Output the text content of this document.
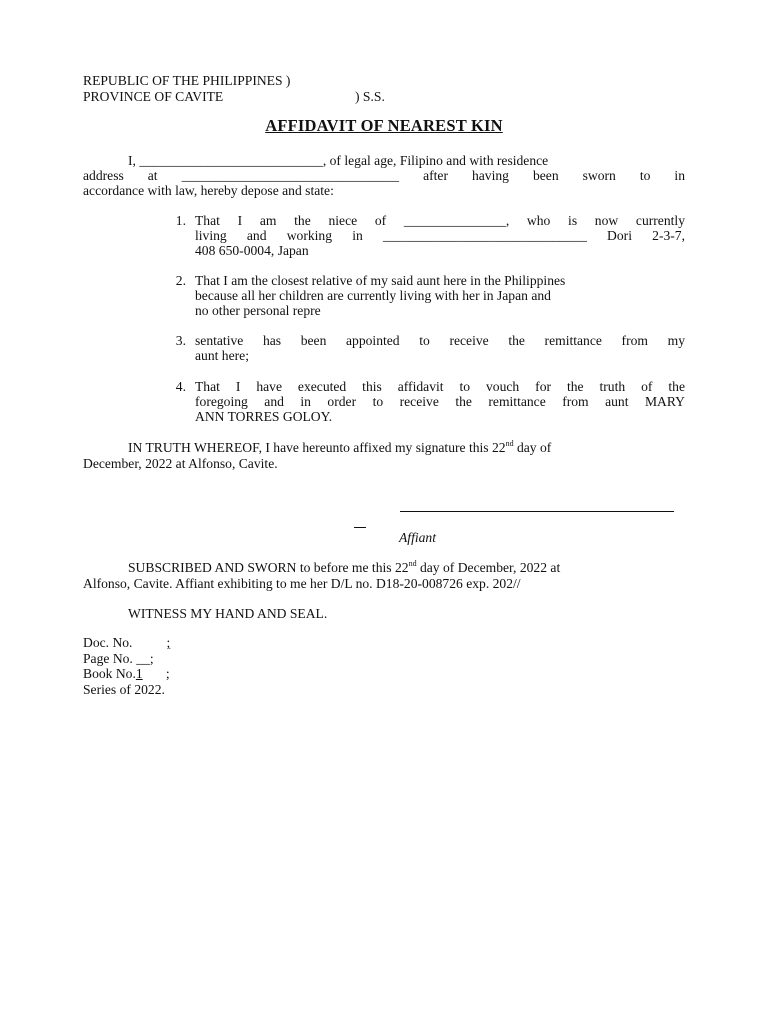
REPUBLIC OF THE PHILIPPINES )
PROVINCE OF CAVITE	) S.S.
AFFIDAVIT OF NEAREST KIN
I, ___________________________, of legal age, Filipino and with residence
address at ________________________________ after having been sworn to in
accordance with law, hereby depose and state:
1. That I am the niece of _______________, who is now currently
living and working in ______________________________ Dori 2-3-7,
408 650-0004, Japan
2. That I am the closest relative of my said aunt here in the Philippines
because all her children are currently living with her in Japan and
no other personal repre
3. sentative has been appointed to receive the remittance from my
aunt here;
4. That I have executed this affidavit to vouch for the truth of the
foregoing and in order to receive the remittance from aunt MARY
ANN TORRES GOLOY.
IN TRUTH WHEREOF, I have hereunto affixed my signature this 22nd day of
December, 2022 at Alfonso, Cavite.
Affiant
SUBSCRIBED AND SWORN to before me this 22nd day of December, 2022 at
Alfonso, Cavite. Affiant exhibiting to me her D/L no. D18-20-008726 exp. 202//
WITNESS MY HAND AND SEAL.
Doc. No.	;
Page No. __;
Book No.1 ;
Series of 2022.
